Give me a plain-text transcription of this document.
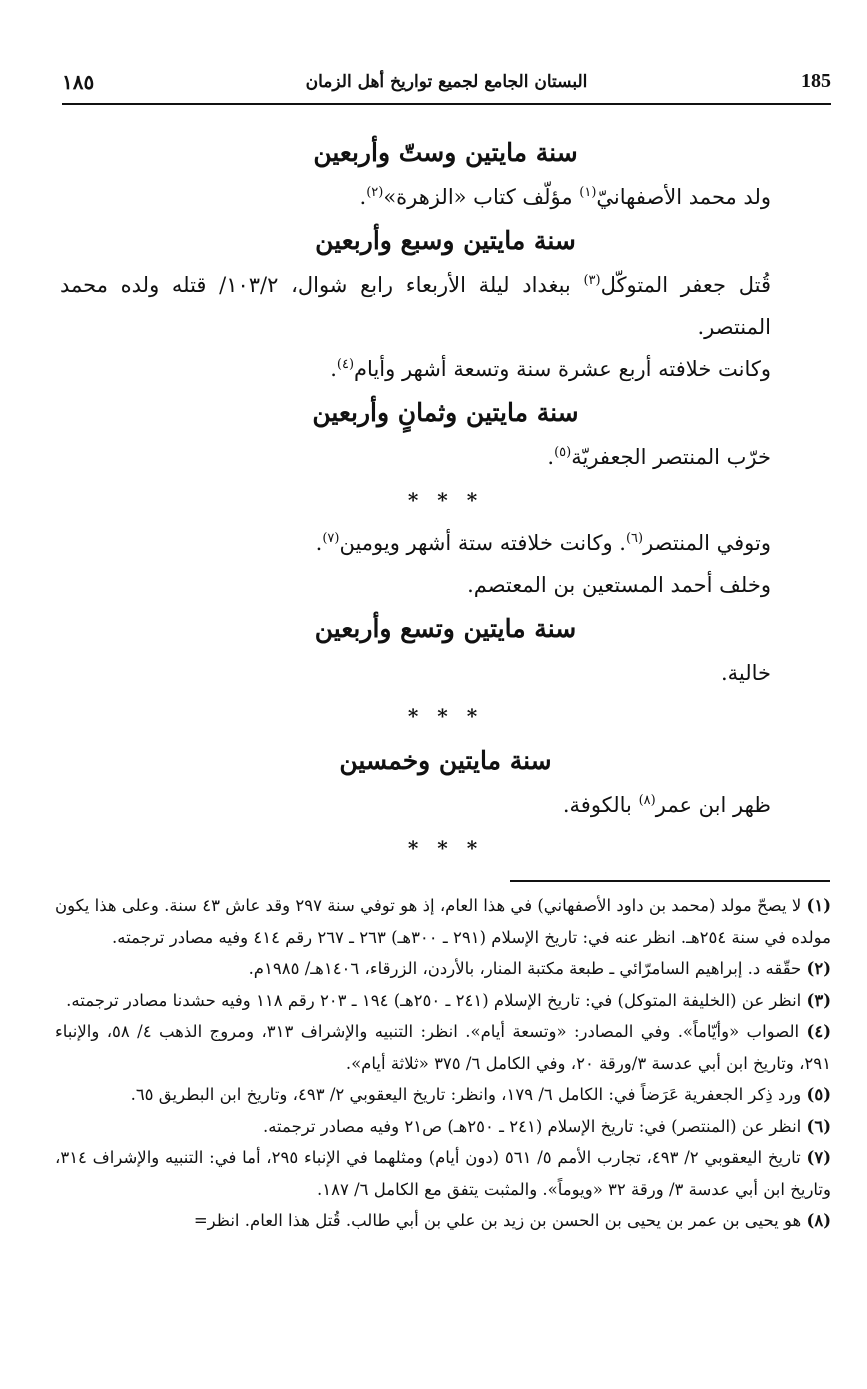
١٨٥	البستان الجامع لجميع تواريخ أهل الزمان	185

سنة مايتين وستّ وأربعين

ولد محمد الأصفهانيّ$^{(١)}$ مؤلّف كتاب «الزهرة»$^{(٢)}$.

سنة مايتين وسبع وأربعين

قُتل جعفر المتوكّل$^{(٣)}$ ببغداد ليلة الأربعاء رابع شوال، ١٠٣/٢/ قتله ولده محمد المنتصر.

وكانت خلافته أربع عشرة سنة وتسعة أشهر وأيام$^{(٤)}$.

سنة مايتين وثمانٍ وأربعين

خرّب المنتصر الجعفريّة$^{(٥)}$.

* * *

وتوفي المنتصر$^{(٦)}$. وكانت خلافته ستة أشهر ويومين$^{(٧)}$.

وخلف أحمد المستعين بن المعتصم.

سنة مايتين وتسع وأربعين

خالية.

* * *

سنة مايتين وخمسين

ظهر ابن عمر$^{(٨)}$ بالكوفة.

* * *

(١) لا يصحّ مولد (محمد بن داود الأصفهاني) في هذا العام، إذ هو توفي سنة ٢٩٧ وقد عاش ٤٣ سنة. وعلى هذا يكون مولده في سنة ٢٥٤هـ. انظر عنه في: تاريخ الإسلام (٢٩١ ـ ٣٠٠هـ) ٢٦٣ ـ ٢٦٧ رقم ٤١٤ وفيه مصادر ترجمته.

(٢) حقّقه د. إبراهيم السامرّائي ـ طبعة مكتبة المنار، بالأردن، الزرقاء، ١٤٠٦هـ/ ١٩٨٥م.

(٣) انظر عن (الخليفة المتوكل) في: تاريخ الإسلام (٢٤١ ـ ٢٥٠هـ) ١٩٤ ـ ٢٠٣ رقم ١١٨ وفيه حشدنا مصادر ترجمته.

(٤) الصواب «وأيّاماً». وفي المصادر: «وتسعة أيام». انظر: التنبيه والإشراف ٣١٣، ومروج الذهب ٤/ ٥٨، والإنباء ٢٩١، وتاريخ ابن أبي عدسة ٣/ورقة ٢٠، وفي الكامل ٦/ ٣٧٥ «ثلاثة أيام».

(٥) ورد ذِكر الجعفرية عَرَضاً في: الكامل ٦/ ١٧٩، وانظر: تاريخ اليعقوبي ٢/ ٤٩٣، وتاريخ ابن البطريق ٦٥.

(٦) انظر عن (المنتصر) في: تاريخ الإسلام (٢٤١ ـ ٢٥٠هـ) ص٢١ وفيه مصادر ترجمته.

(٧) تاريخ اليعقوبي ٢/ ٤٩٣، تجارب الأمم ٥/ ٥٦١ (دون أيام) ومثلهما في الإنباء ٢٩٥، أما في: التنبيه والإشراف ٣١٤، وتاريخ ابن أبي عدسة ٣/ ورقة ٣٢ «ويوماً». والمثبت يتفق مع الكامل ٦/ ١٨٧.

(٨) هو يحيى بن عمر بن يحيى بن الحسن بن زيد بن علي بن أبي طالب. قُتل هذا العام. انظر=
